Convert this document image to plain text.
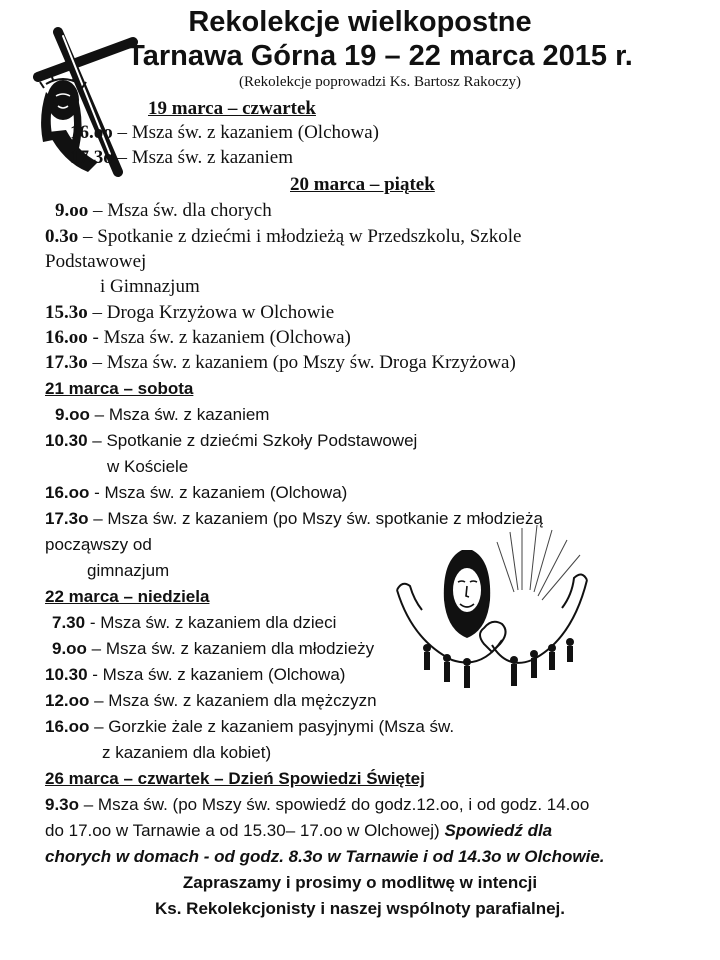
Rekolekcje wielkopostne
Tarnawa Górna 19 – 22 marca 2015 r.
(Rekolekcje poprowadzi Ks. Bartosz Rakoczy)
19 marca – czwartek
16.oo – Msza św. z kazaniem (Olchowa)
17.3o – Msza św. z kazaniem
20 marca – piątek
9.oo – Msza św. dla chorych
0.3o – Spotkanie z dziećmi i młodzieżą w Przedszkolu, Szkole
Podstawowej
i Gimnazjum
15.3o – Droga Krzyżowa w Olchowie
16.oo - Msza św. z kazaniem (Olchowa)
17.3o – Msza św. z kazaniem (po Mszy św. Droga Krzyżowa)
21 marca – sobota
9.oo – Msza św. z kazaniem
10.30 – Spotkanie z dziećmi Szkoły Podstawowej
w Kościele
16.oo - Msza św. z kazaniem (Olchowa)
17.3o – Msza św. z kazaniem (po Mszy św. spotkanie z młodzieżą
począwszy od
gimnazjum
22 marca – niedziela
7.30 - Msza św. z kazaniem dla dzieci
9.oo – Msza św. z kazaniem dla młodzieży
10.30 - Msza św. z kazaniem (Olchowa)
12.oo – Msza św. z kazaniem dla mężczyzn
16.oo – Gorzkie żale z kazaniem pasyjnymi (Msza św.
z kazaniem dla kobiet)
26 marca – czwartek – Dzień Spowiedzi Świętej
9.3o – Msza św. (po Mszy św. spowiedź do godz.12.oo, i od godz. 14.oo
do 17.oo w Tarnawie a od 15.30– 17.oo w Olchowej) Spowiedź dla
chorych w domach - od godz. 8.3o w Tarnawie i od 14.3o w Olchowie.
Zapraszamy i prosimy o modlitwę w intencji
Ks. Rekolekcjonisty i naszej wspólnoty parafialnej.
